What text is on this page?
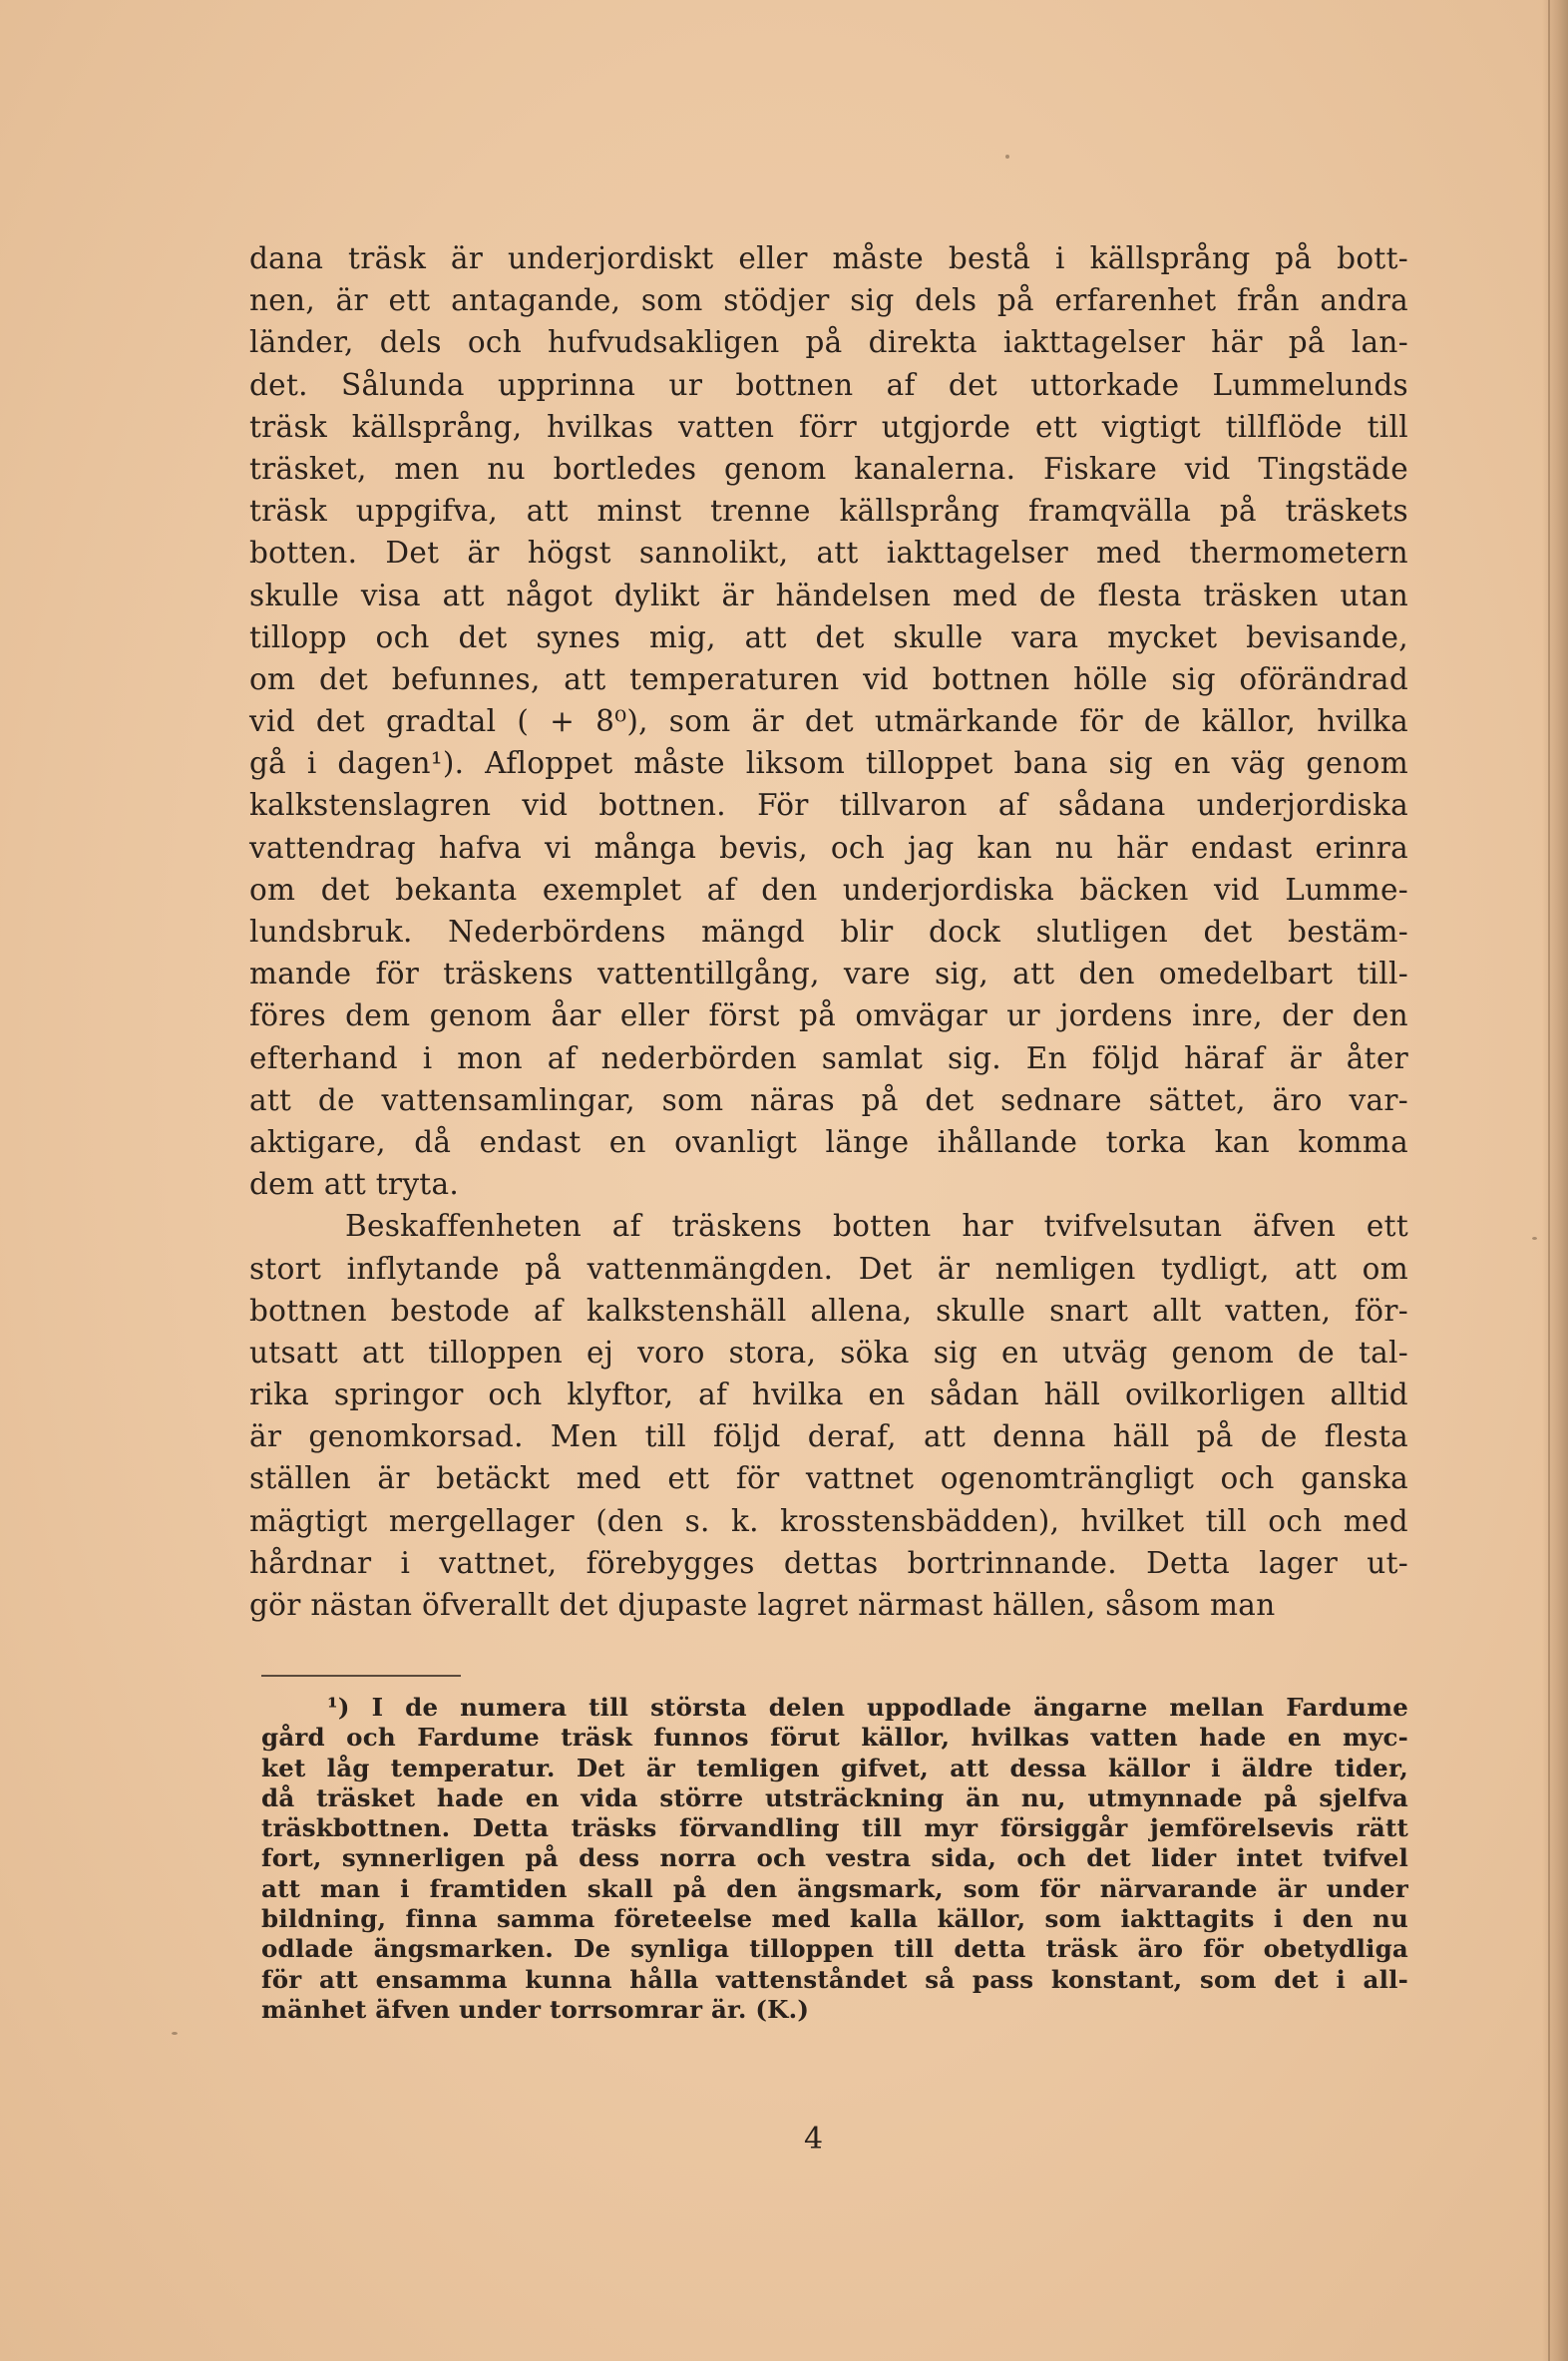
dana träsk är underjordiskt eller måste bestå i källsprång på bott-
nen, är ett antagande, som stödjer sig dels på erfarenhet från andra
länder, dels och hufvudsakligen på direkta iakttagelser här på lan-
det. Sålunda upprinna ur bottnen af det uttorkade Lummelunds
träsk källsprång, hvilkas vatten förr utgjorde ett vigtigt tillflöde till
träsket, men nu bortledes genom kanalerna. Fiskare vid Tingstäde
träsk uppgifva, att minst trenne källsprång framqvälla på träskets
botten. Det är högst sannolikt, att iakttagelser med thermometern
skulle visa att något dylikt är händelsen med de flesta träsken utan
tillopp och det synes mig, att det skulle vara mycket bevisande,
om det befunnes, att temperaturen vid bottnen hölle sig oförändrad
vid det gradtal ( + 8⁰), som är det utmärkande för de källor, hvilka
gå i dagen¹). Afloppet måste liksom tilloppet bana sig en väg genom
kalkstenslagren vid bottnen. För tillvaron af sådana underjordiska
vattendrag hafva vi många bevis, och jag kan nu här endast erinra
om det bekanta exemplet af den underjordiska bäcken vid Lumme-
lundsbruk. Nederbördens mängd blir dock slutligen det bestäm-
mande för träskens vattentillgång, vare sig, att den omedelbart till-
föres dem genom åar eller först på omvägar ur jordens inre, der den
efterhand i mon af nederbörden samlat sig. En följd häraf är åter
att de vattensamlingar, som näras på det sednare sättet, äro var-
aktigare, då endast en ovanligt länge ihållande torka kan komma
dem att tryta.
Beskaffenheten af träskens botten har tvifvelsutan äfven ett
stort inflytande på vattenmängden. Det är nemligen tydligt, att om
bottnen bestode af kalkstenshäll allena, skulle snart allt vatten, för-
utsatt att tilloppen ej voro stora, söka sig en utväg genom de tal-
rika springor och klyftor, af hvilka en sådan häll ovilkorligen alltid
är genomkorsad. Men till följd deraf, att denna häll på de flesta
ställen är betäckt med ett för vattnet ogenomträngligt och ganska
mägtigt mergellager (den s. k. krosstensbädden), hvilket till och med
hårdnar i vattnet, förebygges dettas bortrinnande. Detta lager ut-
gör nästan öfverallt det djupaste lagret närmast hällen, såsom man
¹) I de numera till största delen uppodlade ängarne mellan Fardume
gård och Fardume träsk funnos förut källor, hvilkas vatten hade en myc-
ket låg temperatur. Det är temligen gifvet, att dessa källor i äldre tider,
då träsket hade en vida större utsträckning än nu, utmynnade på sjelfva
träskbottnen. Detta träsks förvandling till myr försiggår jemförelsevis rätt
fort, synnerligen på dess norra och vestra sida, och det lider intet tvifvel
att man i framtiden skall på den ängsmark, som för närvarande är under
bildning, finna samma företeelse med kalla källor, som iakttagits i den nu
odlade ängsmarken. De synliga tilloppen till detta träsk äro för obetydliga
för att ensamma kunna hålla vattenståndet så pass konstant, som det i all-
mänhet äfven under torrsomrar är. (K.)
4
